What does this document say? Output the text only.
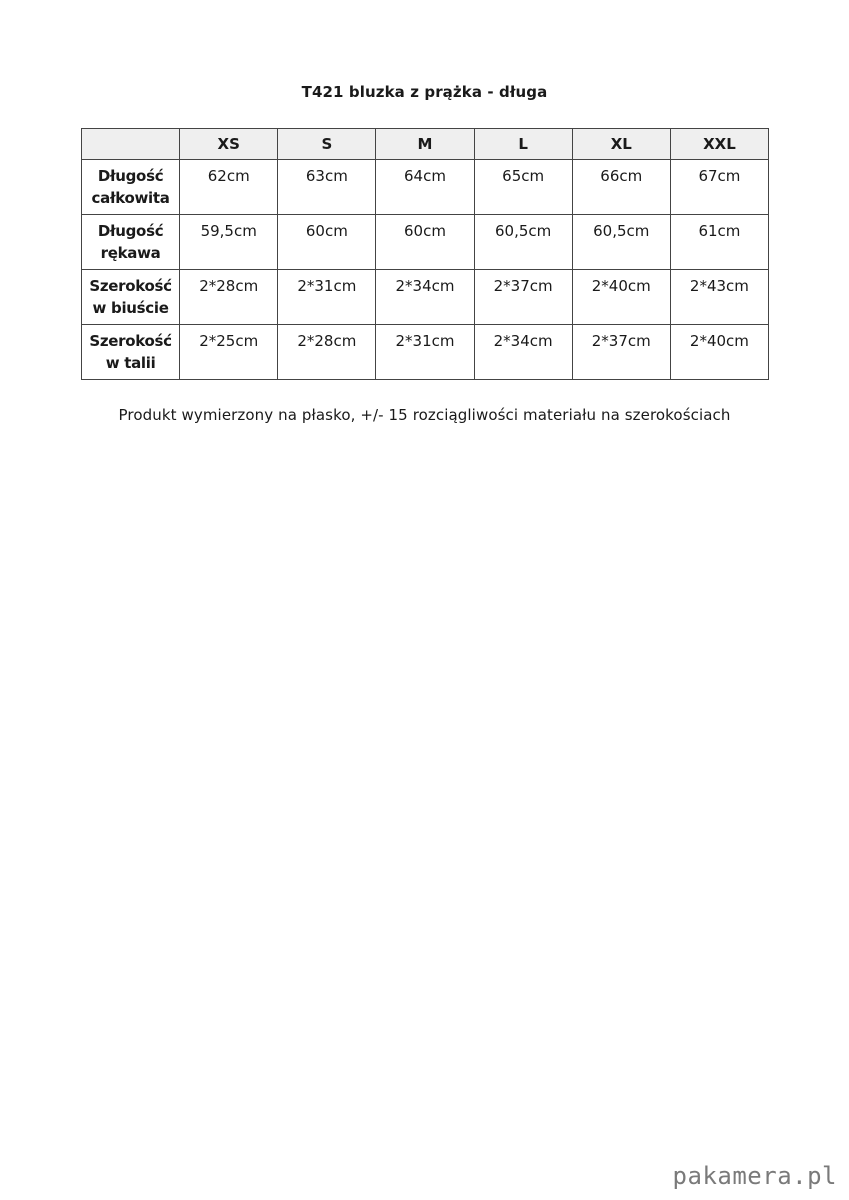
T421 bluzka z prążka - długa
	XS	S	M	L	XL	XXL
Długość
całkowita	62cm	63cm	64cm	65cm	66cm	67cm
Długość
rękawa	59,5cm	60cm	60cm	60,5cm	60,5cm	61cm
Szerokość
w biuście	2*28cm	2*31cm	2*34cm	2*37cm	2*40cm	2*43cm
Szerokość
w talii	2*25cm	2*28cm	2*31cm	2*34cm	2*37cm	2*40cm
Produkt wymierzony na płasko, +/- 15 rozciągliwości materiału na szerokościach
pakamera.pl
